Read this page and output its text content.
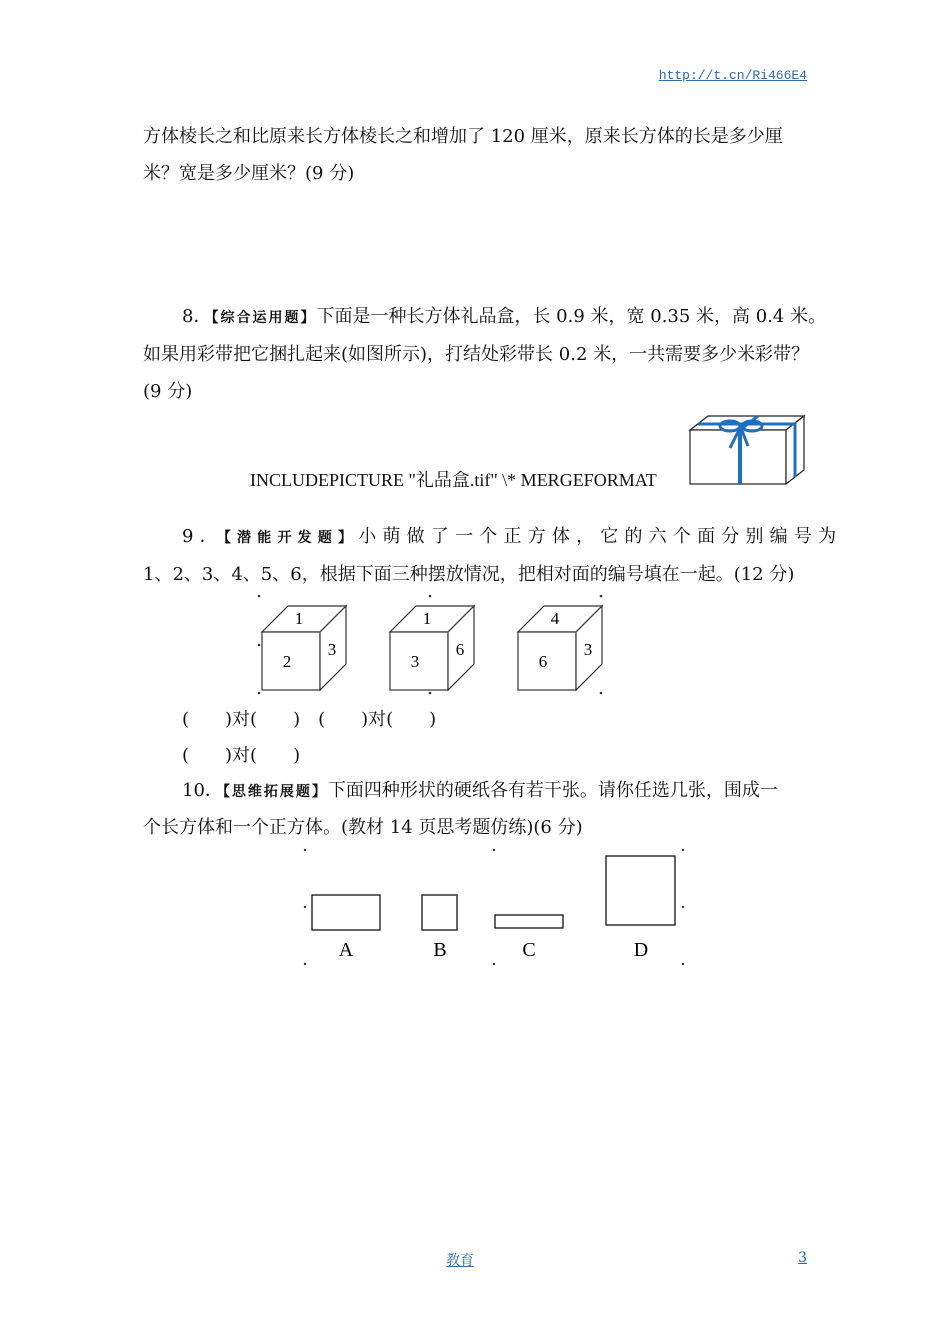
http://t.cn/Ri466E4
方体棱长之和比原来长方体棱长之和增加了 120 厘米，原来长方体的长是多少厘
米？宽是多少厘米？(9 分)
8．【综合运用题】下面是一种长方体礼品盒，长 0.9 米，宽 0.35 米，高 0.4 米。
如果用彩带把它捆扎起来(如图所示)，打结处彩带长 0.2 米，一共需要多少米彩带？
(9 分)
INCLUDEPICTURE "礼品盒.tif" \* MERGEFORMAT
9．【潜能开发题】小萌做了一个正方体，它的六个面分别编号为
1、2、3、4、5、6，根据下面三种摆放情况，把相对面的编号填在一起。(12 分)
1
2
3
1
3
6
4
6
3
(　　)对(　　)　(　　)对(　　)
(　　)对(　　)
10．【思维拓展题】下面四种形状的硬纸各有若干张。请你任选几张，围成一
个长方体和一个正方体。(教材 14 页思考题仿练)(6 分)
A	B	C	D
教育	3
